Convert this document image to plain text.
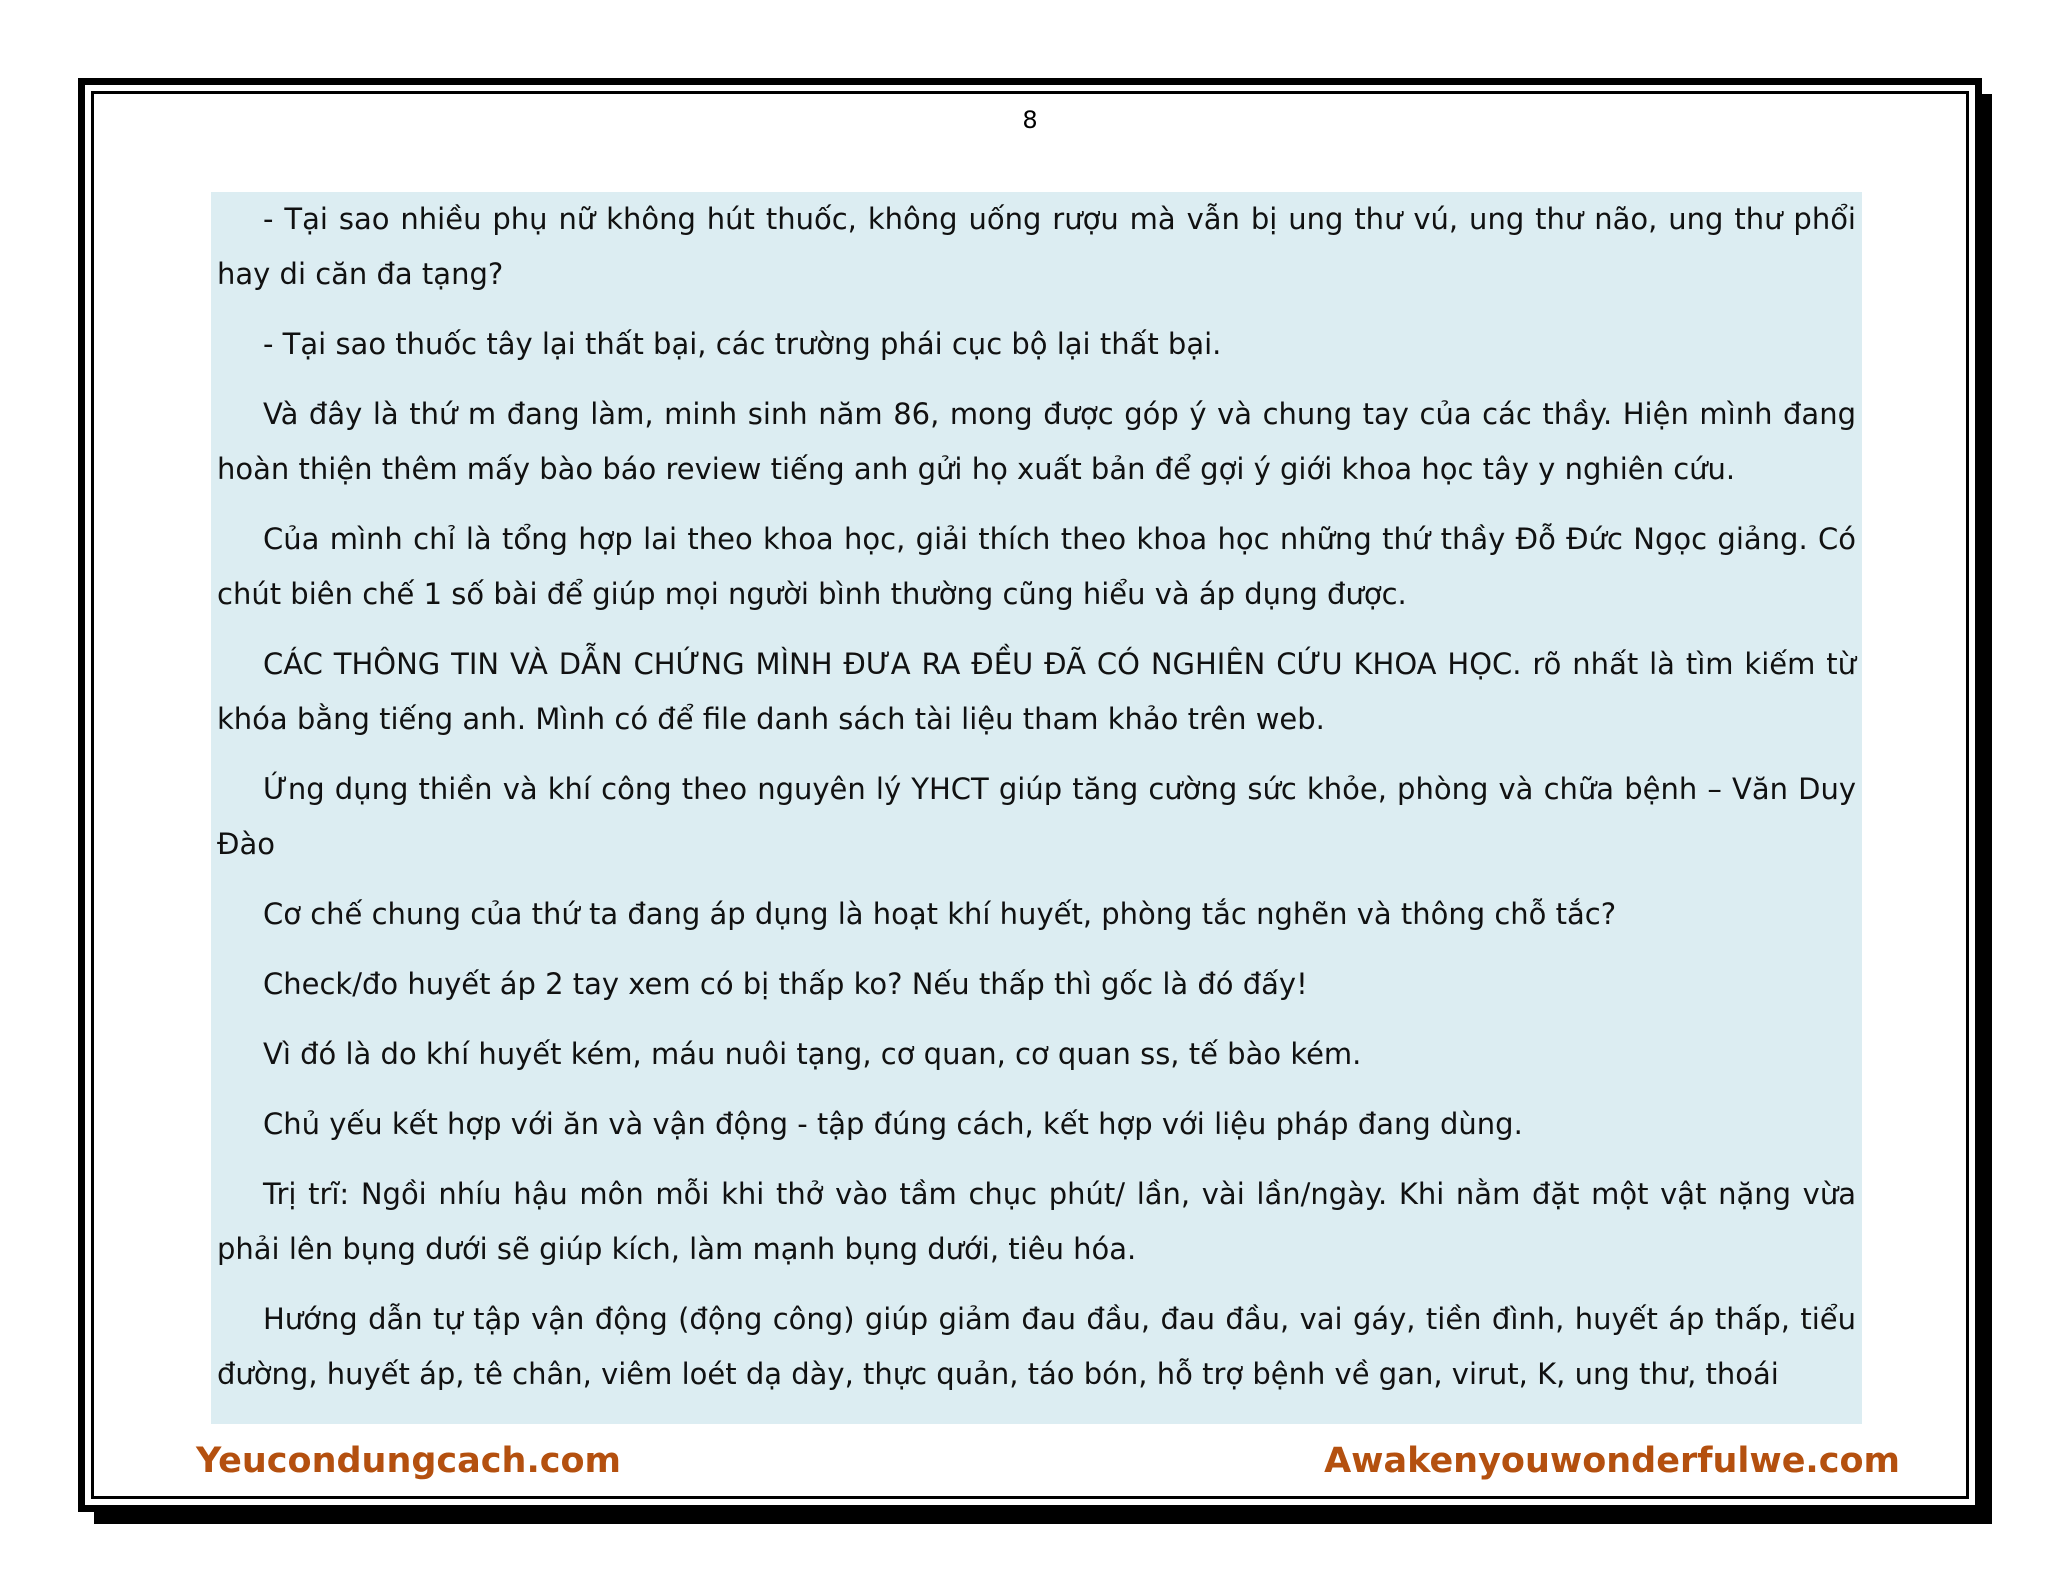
8

- Tại sao nhiều phụ nữ không hút thuốc, không uống rượu mà vẫn bị ung thư vú, ung thư não, ung thư phổi hay di căn đa tạng?

- Tại sao thuốc tây lại thất bại, các trường phái cục bộ lại thất bại.

Và đây là thứ m đang làm, minh sinh năm 86, mong được góp ý và chung tay của các thầy. Hiện mình đang hoàn thiện thêm mấy bào báo review tiếng anh gửi họ xuất bản để gợi ý giới khoa học tây y nghiên cứu.

Của mình chỉ là tổng hợp lai theo khoa học, giải thích theo khoa học những thứ thầy Đỗ Đức Ngọc giảng. Có chút biên chế 1 số bài để giúp mọi người bình thường cũng hiểu và áp dụng được.

CÁC THÔNG TIN VÀ DẪN CHỨNG MÌNH ĐƯA RA ĐỀU ĐÃ CÓ NGHIÊN CỨU KHOA HỌC. rõ nhất là tìm kiếm từ khóa bằng tiếng anh. Mình có để file danh sách tài liệu tham khảo trên web.

Ứng dụng thiền và khí công theo nguyên lý YHCT giúp tăng cường sức khỏe, phòng và chữa bệnh – Văn Duy Đào

Cơ chế chung của thứ ta đang áp dụng là hoạt khí huyết, phòng tắc nghẽn và thông chỗ tắc?

Check/đo huyết áp 2 tay xem có bị thấp ko? Nếu thấp thì gốc là đó đấy!

Vì đó là do khí huyết kém, máu nuôi tạng, cơ quan, cơ quan ss, tế bào kém.

Chủ yếu kết hợp với ăn và vận động - tập đúng cách, kết hợp với liệu pháp đang dùng.

Trị trĩ: Ngồi nhíu hậu môn mỗi khi thở vào tầm chục phút/ lần, vài lần/ngày. Khi nằm đặt một vật nặng vừa phải lên bụng dưới sẽ giúp kích, làm mạnh bụng dưới, tiêu hóa.

Hướng dẫn tự tập vận động (động công) giúp giảm đau đầu, đau đầu, vai gáy, tiền đình, huyết áp thấp, tiểu đường, huyết áp, tê chân, viêm loét dạ dày, thực quản, táo bón, hỗ trợ bệnh về gan, virut, K, ung thư, thoái

Yeucondungcach.com	Awakenyouwonderfulwe.com
